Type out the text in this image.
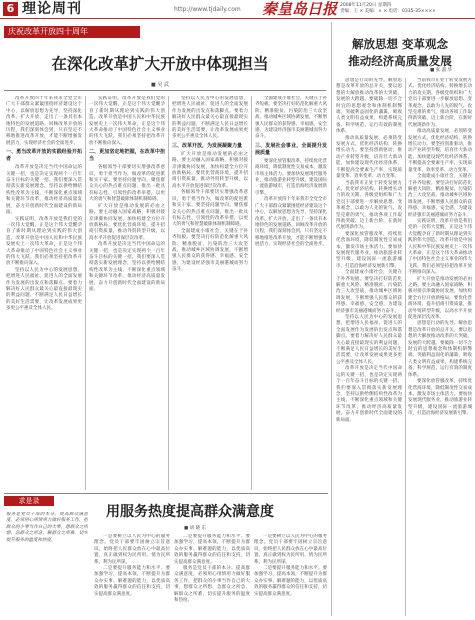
6 理论周刊	http://www.tjdaily.com 秦皇岛日报 2008年11月20日 星期四
责编：王 × 美编：× × 电话：0335-35××××
庆祝改革开放四十周年
在深化改革扩大开放中体现担当
■ 吴 武
解放思想 变革观念
推动经济高质量发展
■ 张 淑 华

改革开放四十年来我市全党全市广大干部群众紧紧围绕经济建设这个中心，以解放思想为先导，坚持深化改革、扩大开放，走出了一条具有本地特色的发展道路。回顾改革开放的历程，我们深刻体会到，只有坚定不移地推进改革开放，才能不断增强发展活力，实现经济社会的全面进步。

一、勇当改革开放的实践经验开拓者

改革开放是决定当代中国命运的关键一招，也是决定实现两个一百年奋斗目标的关键一招。我们要深入贯彻落实新发展理念，坚持以供给侧结构性改革为主线，不断深化重点领域和关键环节改革，推动经济高质量发展，奋力开创新时代全面建设的新局面。

实践证明，改革开放是我们党的一次伟大觉醒，正是这个伟大觉醒孕育了新时期从理论到实践的伟大创造。改革开放是中国人民和中华民族发展史上一次伟大革命，正是这个伟大革命推动了中国特色社会主义事业的伟大飞跃。我们必须坚持把改革开放不断推向深入。

坚持以人民为中心的发展思想，把增进人民福祉、促进人的全面发展作为发展的出发点和落脚点。要着力解决好人民群众最关心最直接最现实的利益问题，不断满足人民日益增长的美好生活需要，让改革发展成果更多更公平惠及全体人民。

实践证明，改革开放是我们党的一次伟大觉醒，正是这个伟大觉醒孕育了新时期从理论到实践的伟大创造。改革开放是中国人民和中华民族发展史上一次伟大革命，正是这个伟大革命推动了中国特色社会主义事业的伟大飞跃。我们必须坚持把改革开放不断推向深入。

二、更加坚定地把握，在改革中担当

各级领导干部要切实增强改革意识，勇于担当作为，做改革的促进派和实干家。要坚持问题导向，聚焦群众关心的热点难点问题，推出一批具有标志性、引领性的改革举措，以更大的勇气和智慧破除体制机制障碍。

扩大开放是推动发展的必由之路。要主动融入国家战略，积极对接京津冀协同发展，加快构建全方位开放新格局。要优化营商环境，提升招商引资质量，推动外贸转型升级，以高水平开放促进深层次改革。

改革开放是决定当代中国命运的关键一招，也是决定实现两个一百年奋斗目标的关键一招。我们要深入贯彻落实新发展理念，坚持以供给侧结构性改革为主线，不断深化重点领域和关键环节改革，推动经济高质量发展，奋力开创新时代全面建设的新局面。

坚持以人民为中心的发展思想，把增进人民福祉、促进人的全面发展作为发展的出发点和落脚点。要着力解决好人民群众最关心最直接最现实的利益问题，不断满足人民日益增长的美好生活需要，让改革发展成果更多更公平惠及全体人民。

三、改革开放，为发展凝聚力量

扩大开放是推动发展的必由之路。要主动融入国家战略，积极对接京津冀协同发展，加快构建全方位开放新格局。要优化营商环境，提升招商引资质量，推动外贸转型升级，以高水平开放促进深层次改革。

各级领导干部要切实增强改革意识，勇于担当作为，做改革的促进派和实干家。要坚持问题导向，聚焦群众关心的热点难点问题，推出一批具有标志性、引领性的改革举措，以更大的勇气和智慧破除体制机制障碍。

全面建成小康社会，关键在于补齐短板。要坚决打好防范化解重大风险、精准脱贫、污染防治三大攻坚战，推动城乡区域协调发展，不断增强人民群众的获得感、幸福感、安全感，为建设经济强市美丽港城而努力奋斗。

全面建成小康社会，关键在于补齐短板。要坚决打好防范化解重大风险、精准脱贫、污染防治三大攻坚战，推动城乡区域协调发展，不断增强人民群众的获得感、幸福感、安全感，为建设经济强市美丽港城而努力奋斗。

三、发展社会事业，全面提升发展质量

要深化放管服改革，持续优化营商环境，降低制度性交易成本，激发市场主体活力。要加快发展现代服务业，推动旅游业转型升级，建设国际一流旅游城市，打造沿海经济发展新引擎。

改革开放四十年来我市全党全市广大干部群众紧紧围绕经济建设这个中心，以解放思想为先导，坚持深化改革、扩大开放，走出了一条具有本地特色的发展道路。回顾改革开放的历程，我们深刻体会到，只有坚定不移地推进改革开放，才能不断增强发展活力，实现经济社会的全面进步。

思想是行动的先导。解放思想是改革开放的总开关，要以思想的大解放推动改革的大突破、发展的大跨越。要破除一切不合时宜的思想观念和体制机制弊端，突破利益固化的藩篱，吸收人类文明有益成果，构建系统完备、科学规范、运行有效的制度体系。

推动高质量发展，必须转变发展方式、优化经济结构、转换增长动力。要坚持创新驱动，推动产业转型升级，培育壮大新动能，加快建设现代化经济体系，不断提高全要素生产率，实现质量变革、效率变革、动力变革。

当前我市正处于转变发展方式、优化经济结构、转换增长动力的攻关期。各级党组织和广大党员干部要进一步解放思想、变革观念，以敢为人先的锐气、攻坚克难的勇气，推动各项工作取得新突破、迈上新台阶，在新时代展现新作为。

要深化放管服改革，持续优化营商环境，降低制度性交易成本，激发市场主体活力。要加快发展现代服务业，推动旅游业转型升级，建设国际一流旅游城市，打造沿海经济发展新引擎。

全面建成小康社会，关键在于补齐短板。要坚决打好防范化解重大风险、精准脱贫、污染防治三大攻坚战，推动城乡区域协调发展，不断增强人民群众的获得感、幸福感、安全感，为建设经济强市美丽港城而努力奋斗。

坚持以人民为中心的发展思想，把增进人民福祉、促进人的全面发展作为发展的出发点和落脚点。要着力解决好人民群众最关心最直接最现实的利益问题，不断满足人民日益增长的美好生活需要，让改革发展成果更多更公平惠及全体人民。

改革开放是决定当代中国命运的关键一招，也是决定实现两个一百年奋斗目标的关键一招。我们要深入贯彻落实新发展理念，坚持以供给侧结构性改革为主线，不断深化重点领域和关键环节改革，推动经济高质量发展，奋力开创新时代全面建设的新局面。

当前我市正处于转变发展方式、优化经济结构、转换增长动力的攻关期。各级党组织和广大党员干部要进一步解放思想、变革观念，以敢为人先的锐气、攻坚克难的勇气，推动各项工作取得新突破、迈上新台阶，在新时代展现新作为。

推动高质量发展，必须转变发展方式、优化经济结构、转换增长动力。要坚持创新驱动，推动产业转型升级，培育壮大新动能，加快建设现代化经济体系，不断提高全要素生产率，实现质量变革、效率变革、动力变革。

全面建成小康社会，关键在于补齐短板。要坚决打好防范化解重大风险、精准脱贫、污染防治三大攻坚战，推动城乡区域协调发展，不断增强人民群众的获得感、幸福感、安全感，为建设经济强市美丽港城而努力奋斗。

实践证明，改革开放是我们党的一次伟大觉醒，正是这个伟大觉醒孕育了新时期从理论到实践的伟大创造。改革开放是中国人民和中华民族发展史上一次伟大革命，正是这个伟大革命推动了中国特色社会主义事业的伟大飞跃。我们必须坚持把改革开放不断推向深入。

扩大开放是推动发展的必由之路。要主动融入国家战略，积极对接京津冀协同发展，加快构建全方位开放新格局。要优化营商环境，提升招商引资质量，推动外贸转型升级，以高水平开放促进深层次改革。

思想是行动的先导。解放思想是改革开放的总开关，要以思想的大解放推动改革的大突破、发展的大跨越。要破除一切不合时宜的思想观念和体制机制弊端，突破利益固化的藩篱，吸收人类文明有益成果，构建系统完备、科学规范、运行有效的制度体系。

要深化放管服改革，持续优化营商环境，降低制度性交易成本，激发市场主体活力。要加快发展现代服务业，推动旅游业转型升级，建设国际一流旅游城市，打造沿海经济发展新引擎。

求是录
用服务热度提高群众满意度
■ 胡 晓 东
服务是党员干部的本分。提高群众满意度，必须用心用情用力做好服务工作，把群众的小事当作自己的大事，想群众之所想、急群众之所急、解群众之所难，切实提升服务的温度和热度。

一是要树立以人民为中心的服务理念。党员干部要牢固树立宗旨意识，始终把人民群众放在心中最高位置，真正做到权为民所用、情为民所系、利为民所谋。

二是要提升服务能力和水平。要加强学习，提高本领，不断提升为群众办实事、解难题的能力，以优质高效的服务赢得群众的信任和支持，切实提高群众满意度。

二是要提升服务能力和水平。要加强学习，提高本领，不断提升为群众办实事、解难题的能力，以优质高效的服务赢得群众的信任和支持，切实提高群众满意度。

服务是党员干部的本分。提高群众满意度，必须用心用情用力做好服务工作，把群众的小事当作自己的大事，想群众之所想、急群众之所急、解群众之所难，切实提升服务的温度和热度。

一是要树立以人民为中心的服务理念。党员干部要牢固树立宗旨意识，始终把人民群众放在心中最高位置，真正做到权为民所用、情为民所系、利为民所谋。

二是要提升服务能力和水平。要加强学习，提高本领，不断提升为群众办实事、解难题的能力，以优质高效的服务赢得群众的信任和支持，切实提高群众满意度。
